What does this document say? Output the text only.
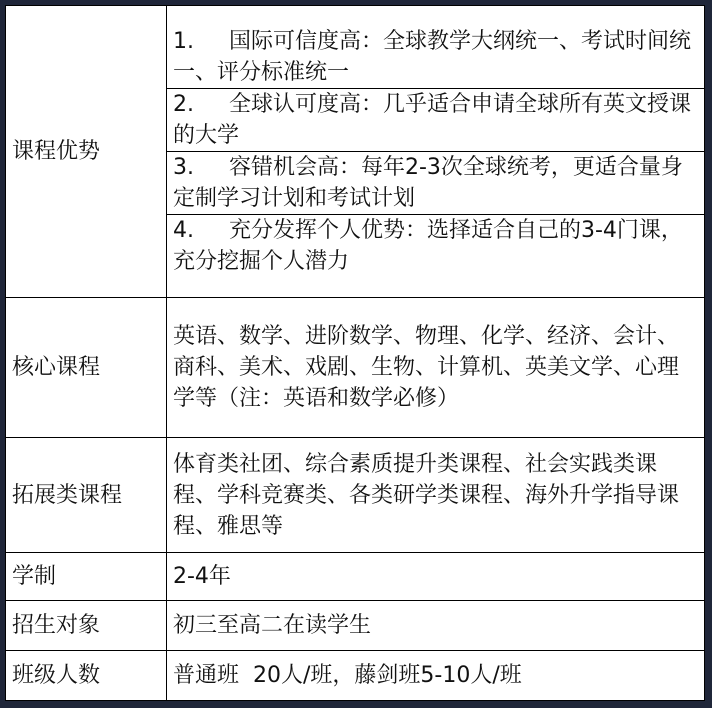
课程优势	1. 国际可信度高：全球教学大纲统一、考试时间统一、评分标准统一
2. 全球认可度高：几乎适合申请全球所有英文授课的大学
3. 容错机会高：每年2-3次全球统考，更适合量身定制学习计划和考试计划
4. 充分发挥个人优势：选择适合自己的3-4门课，充分挖掘个人潜力

核心课程	英语、数学、进阶数学、物理、化学、经济、会计、商科、美术、戏剧、生物、计算机、英美文学、心理学等（注：英语和数学必修）
拓展类课程	体育类社团、综合素质提升类课程、社会实践类课程、学科竞赛类、各类研学类课程、海外升学指导课程、雅思等
学制	2-4年
招生对象	初三至高二在读学生
班级人数	普通班  20人/班，藤剑班5-10人/班
